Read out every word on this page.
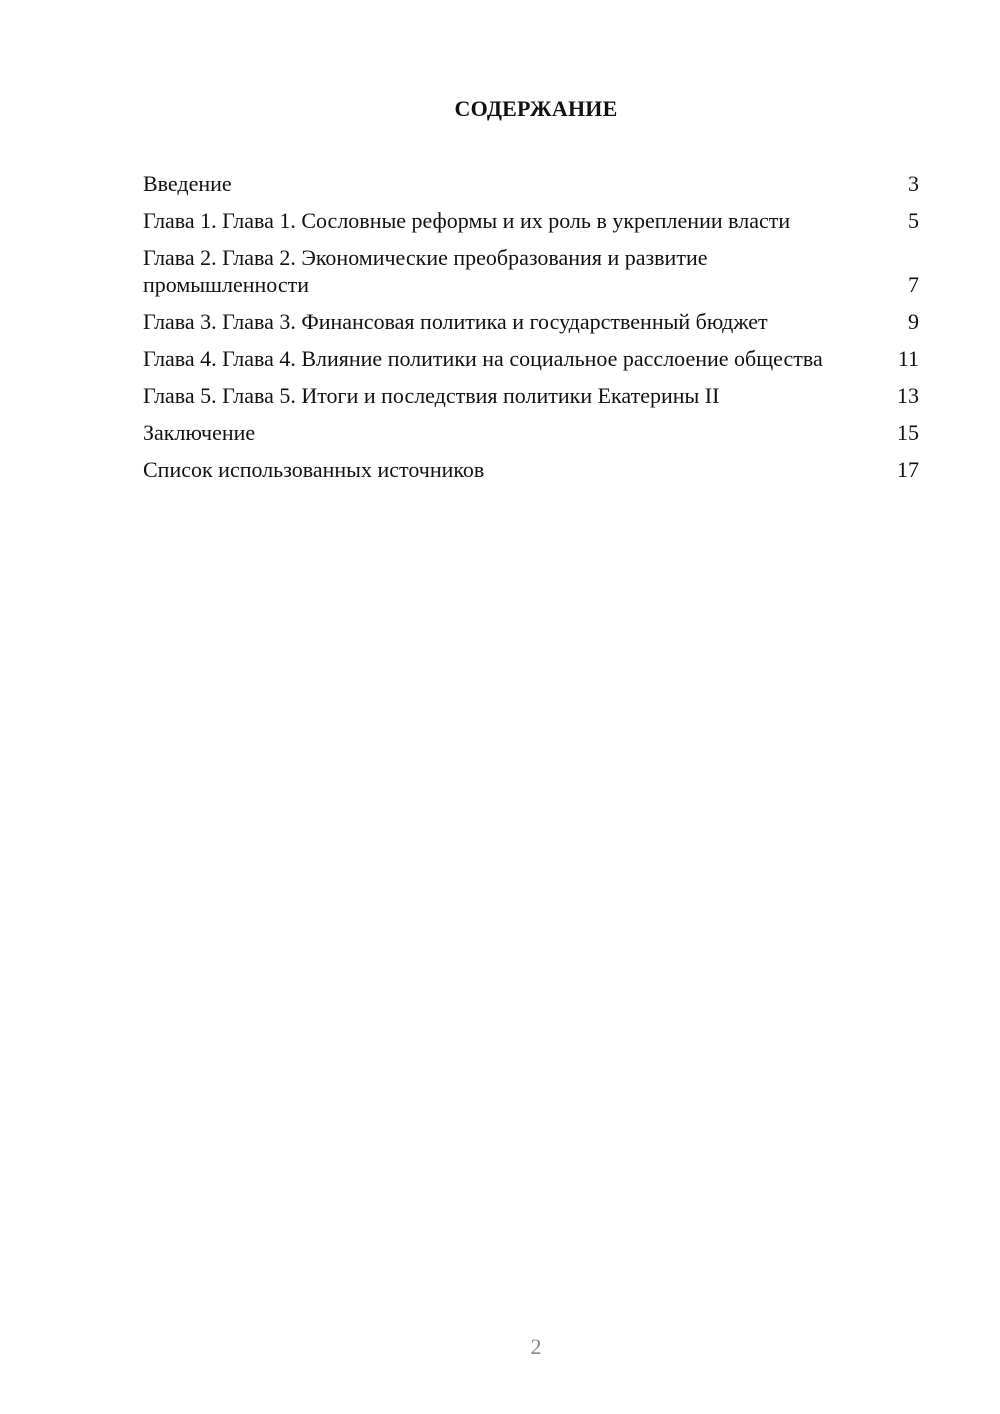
СОДЕРЖАНИЕ
Введение	3
Глава 1. Глава 1. Сословные реформы и их роль в укреплении власти	5
Глава 2. Глава 2. Экономические преобразования и развитие промышленности	7
Глава 3. Глава 3. Финансовая политика и государственный бюджет	9
Глава 4. Глава 4. Влияние политики на социальное расслоение общества	11
Глава 5. Глава 5. Итоги и последствия политики Екатерины II	13
Заключение	15
Список использованных источников	17
2
